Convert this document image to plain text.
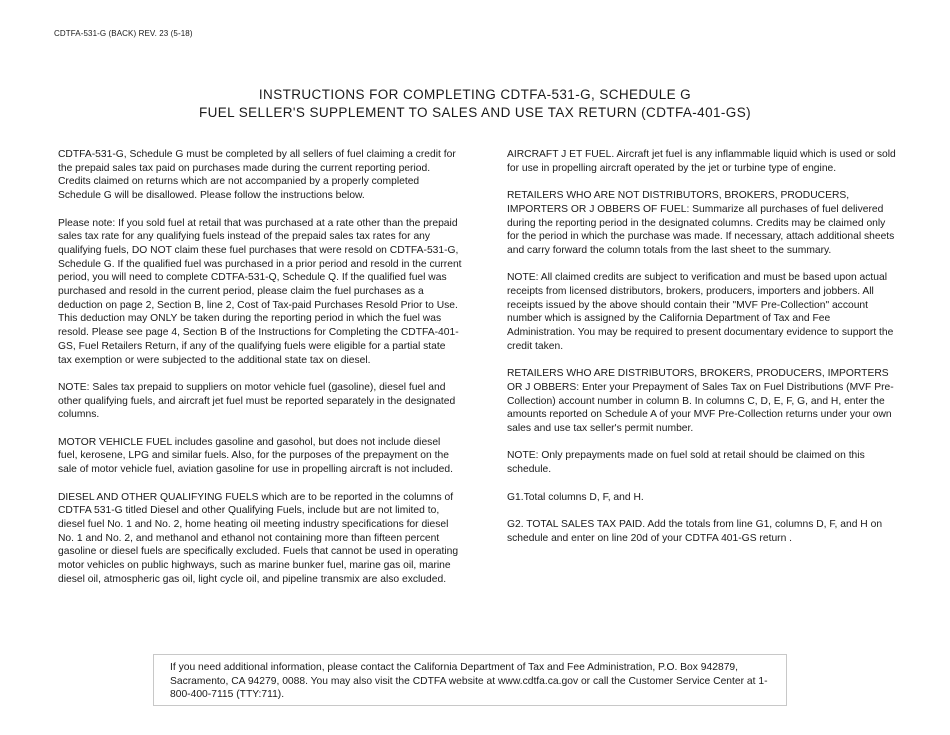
CDTFA-531-G (BACK) REV. 23 (5-18)
INSTRUCTIONS FOR COMPLETING CDTFA-531-G, SCHEDULE G
FUEL SELLER'S SUPPLEMENT TO SALES AND USE TAX RETURN (CDTFA-401-GS)

CDTFA-531-G, Schedule G must be completed by all sellers of fuel claiming a credit for the prepaid sales tax paid on purchases made during the current reporting period. Credits claimed on returns which are not accompanied by a properly completed Schedule G will be disallowed. Please follow the instructions below.

Please note: If you sold fuel at retail that was purchased at a rate other than the prepaid sales tax rate for any qualifying fuels instead of the prepaid sales tax rates for any qualifying fuels, DO NOT claim these fuel purchases that were resold on CDTFA-531-G, Schedule G. If the qualified fuel was purchased in a prior period and resold in the current period, you will need to complete CDTFA-531-Q, Schedule Q. If the qualified fuel was purchased and resold in the current period, please claim the fuel purchases as a deduction on page 2, Section B, line 2, Cost of Tax-paid Purchases Resold Prior to Use. This deduction may ONLY be taken during the reporting period in which the fuel was resold. Please see page 4, Section B of the Instructions for Completing the CDTFA-401-GS, Fuel Retailers Return, if any of the qualifying fuels were eligible for a partial state tax exemption or were subjected to the additional state tax on diesel.

NOTE: Sales tax prepaid to suppliers on motor vehicle fuel (gasoline), diesel fuel and other qualifying fuels, and aircraft jet fuel must be reported separately in the designated columns.

MOTOR VEHICLE FUEL includes gasoline and gasohol, but does not include diesel fuel, kerosene, LPG and similar fuels. Also, for the purposes of the prepayment on the sale of motor vehicle fuel, aviation gasoline for use in propelling aircraft is not included.

DIESEL AND OTHER QUALIFYING FUELS which are to be reported in the columns of CDTFA 531-G titled Diesel and other Qualifying Fuels, include but are not limited to, diesel fuel No. 1 and No. 2, home heating oil meeting industry specifications for diesel No. 1 and No. 2, and methanol and ethanol not containing more than fifteen percent gasoline or diesel fuels are specifically excluded. Fuels that cannot be used in operating motor vehicles on public highways, such as marine bunker fuel, marine gas oil, marine diesel oil, atmospheric gas oil, light cycle oil, and pipeline transmix are also excluded.

AIRCRAFT J ET FUEL. Aircraft jet fuel is any inflammable liquid which is used or sold for use in propelling aircraft operated by the jet or turbine type of engine.

RETAILERS WHO ARE NOT DISTRIBUTORS, BROKERS, PRODUCERS, IMPORTERS OR J OBBERS OF FUEL: Summarize all purchases of fuel delivered during the reporting period in the designated columns. Credits may be claimed only for the period in which the purchase was made. If necessary, attach additional sheets and carry forward the column totals from the last sheet to the summary.

NOTE: All claimed credits are subject to verification and must be based upon actual receipts from licensed distributors, brokers, producers, importers and jobbers. All receipts issued by the above should contain their "MVF Pre-Collection" account number which is assigned by the California Department of Tax and Fee Administration. You may be required to present documentary evidence to support the credit taken.

RETAILERS WHO ARE DISTRIBUTORS, BROKERS, PRODUCERS, IMPORTERS OR J OBBERS: Enter your Prepayment of Sales Tax on Fuel Distributions (MVF Pre-Collection) account number in column B. In columns C, D, E, F, G, and H, enter the amounts reported on Schedule A of your MVF Pre-Collection returns under your own sales and use tax seller's permit number.

NOTE: Only prepayments made on fuel sold at retail should be claimed on this schedule.

G1.Total columns D, F, and H.

G2. TOTAL SALES TAX PAID. Add the totals from line G1, columns D, F, and H on schedule and enter on line 20d of your CDTFA 401-GS return .

If you need additional information, please contact the California Department of Tax and Fee Administration, P.O. Box 942879, Sacramento, CA 94279, 0088. You may also visit the CDTFA website at www.cdtfa.ca.gov or call the Customer Service Center at 1-800-400-7115 (TTY:711).
